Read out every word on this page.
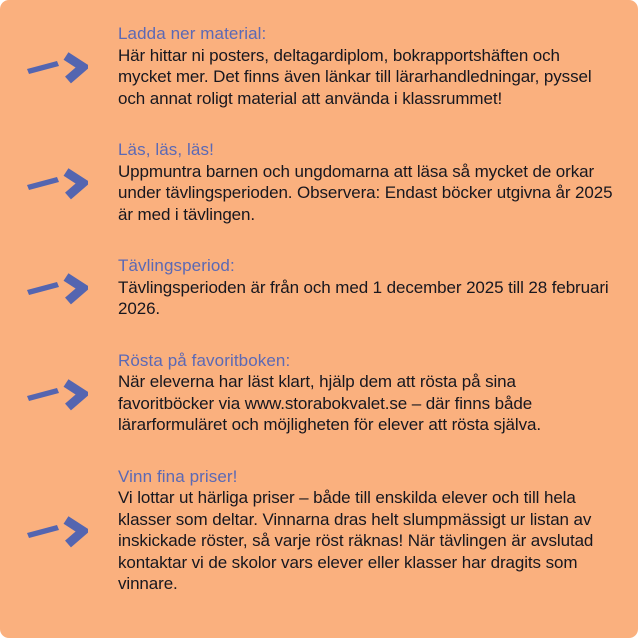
Ladda ner material:
Här hittar ni posters, deltagardiplom, bokrapportshäften och mycket mer. Det finns även länkar till lärarhandledningar, pyssel och annat roligt material att använda i klassrummet!
Läs, läs, läs!
Uppmuntra barnen och ungdomarna att läsa så mycket de orkar under tävlingsperioden. Observera: Endast böcker utgivna år 2025 är med i tävlingen.
Tävlingsperiod:
Tävlingsperioden är från och med 1 december 2025 till 28 februari 2026.
Rösta på favoritboken:
När eleverna har läst klart, hjälp dem att rösta på sina favoritböcker via www.storabokvalet.se – där finns både lärarformuläret och möjligheten för elever att rösta själva.
Vinn fina priser!
Vi lottar ut härliga priser – både till enskilda elever och till hela klasser som deltar. Vinnarna dras helt slumpmässigt ur listan av inskickade röster, så varje röst räknas! När tävlingen är avslutad kontaktar vi de skolor vars elever eller klasser har dragits som vinnare.
